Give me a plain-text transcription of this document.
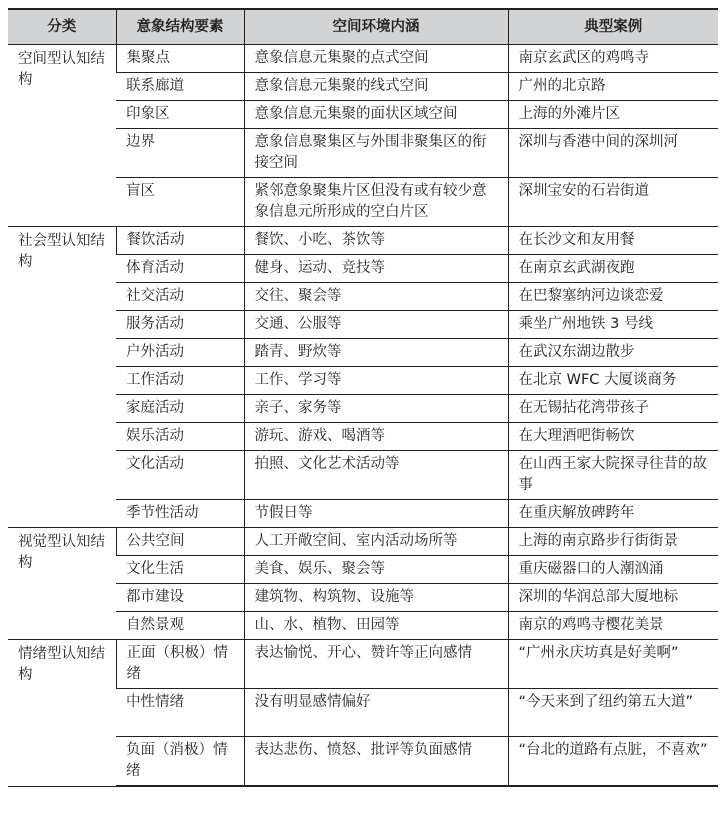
分类	意象结构要素	空间环境内涵	典型案例
空间型认知结构	集聚点	意象信息元集聚的点式空间	南京玄武区的鸡鸣寺
	联系廊道	意象信息元集聚的线式空间	广州的北京路
	印象区	意象信息元集聚的面状区域空间	上海的外滩片区
	边界	意象信息聚集区与外围非聚集区的衔接空间	深圳与香港中间的深圳河
	盲区	紧邻意象聚集片区但没有或有较少意象信息元所形成的空白片区	深圳宝安的石岩街道
社会型认知结构	餐饮活动	餐饮、小吃、茶饮等	在长沙文和友用餐
	体育活动	健身、运动、竞技等	在南京玄武湖夜跑
	社交活动	交往、聚会等	在巴黎塞纳河边谈恋爱
	服务活动	交通、公服等	乘坐广州地铁 3 号线
	户外活动	踏青、野炊等	在武汉东湖边散步
	工作活动	工作、学习等	在北京 WFC 大厦谈商务
	家庭活动	亲子、家务等	在无锡拈花湾带孩子
	娱乐活动	游玩、游戏、喝酒等	在大理酒吧街畅饮
	文化活动	拍照、文化艺术活动等	在山西王家大院探寻往昔的故事
	季节性活动	节假日等	在重庆解放碑跨年
视觉型认知结构	公共空间	人工开敞空间、室内活动场所等	上海的南京路步行街街景
	文化生活	美食、娱乐、聚会等	重庆磁器口的人潮汹涌
	都市建设	建筑物、构筑物、设施等	深圳的华润总部大厦地标
	自然景观	山、水、植物、田园等	南京的鸡鸣寺樱花美景
情绪型认知结构	正面（积极）情绪	表达愉悦、开心、赞许等正向感情	“广州永庆坊真是好美啊”
	中性情绪	没有明显感情偏好	“今天来到了纽约第五大道”
	负面（消极）情绪	表达悲伤、愤怒、批评等负面感情	“台北的道路有点脏，不喜欢”
